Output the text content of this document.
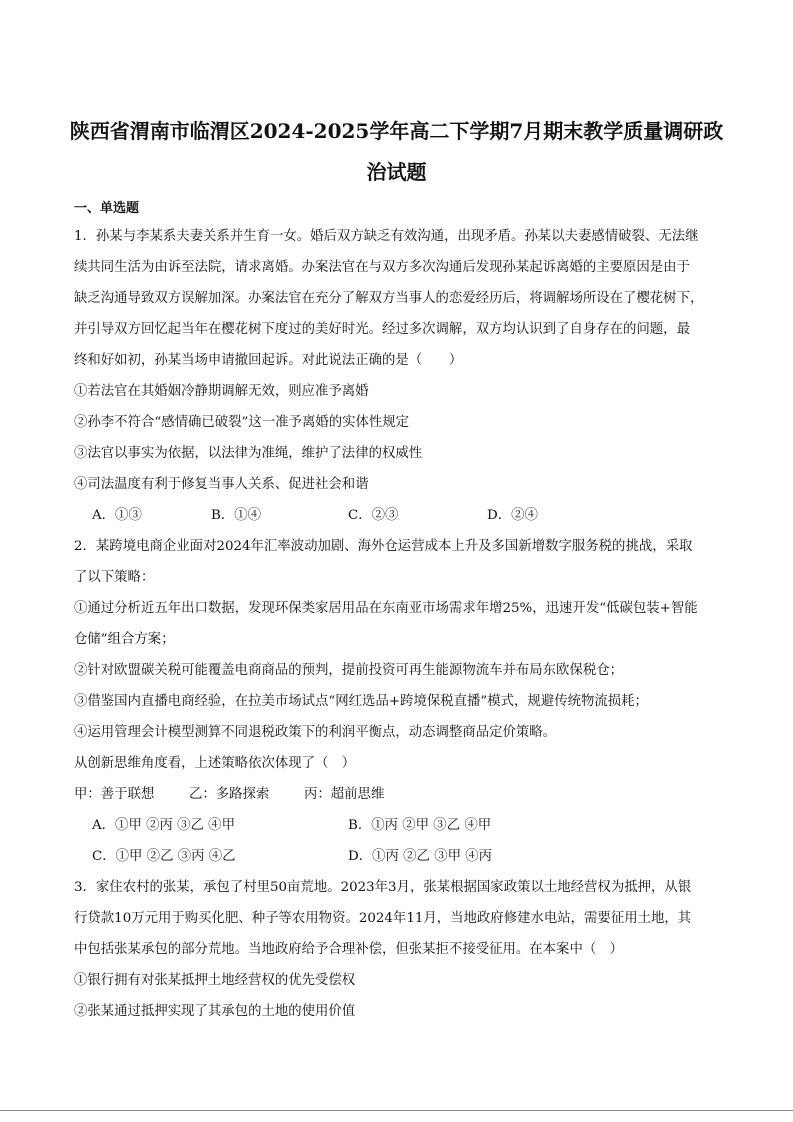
陕西省渭南市临渭区2024-2025学年高二下学期7月期末教学质量调研政
治试题
一、单选题
1．孙某与李某系夫妻关系并生育一女。婚后双方缺乏有效沟通，出现矛盾。孙某以夫妻感情破裂、无法继
续共同生活为由诉至法院，请求离婚。办案法官在与双方多次沟通后发现孙某起诉离婚的主要原因是由于
缺乏沟通导致双方误解加深。办案法官在充分了解双方当事人的恋爱经历后，将调解场所设在了樱花树下，
并引导双方回忆起当年在樱花树下度过的美好时光。经过多次调解，双方均认识到了自身存在的问题，最
终和好如初，孙某当场申请撤回起诉。对此说法正确的是（　　）
①若法官在其婚姻冷静期调解无效，则应准予离婚
②孙李不符合“感情确已破裂”这一准予离婚的实体性规定
③法官以事实为依据，以法律为准绳，维护了法律的权威性
④司法温度有利于修复当事人关系、促进社会和谐
A．①③	B．①④	C．②③	D．②④
2．某跨境电商企业面对2024年汇率波动加剧、海外仓运营成本上升及多国新增数字服务税的挑战，采取
了以下策略：
①通过分析近五年出口数据，发现环保类家居用品在东南亚市场需求年增25%，迅速开发“低碳包装+智能
仓储”组合方案；
②针对欧盟碳关税可能覆盖电商商品的预判，提前投资可再生能源物流车并布局东欧保税仓；
③借鉴国内直播电商经验，在拉美市场试点“网红选品+跨境保税直播”模式，规避传统物流损耗；
④运用管理会计模型测算不同退税政策下的利润平衡点，动态调整商品定价策略。
从创新思维角度看，上述策略依次体现了（　）
甲：善于联想	乙：多路探索	丙：超前思维
A．①甲 ②丙 ③乙 ④甲	B．①丙 ②甲 ③乙 ④甲
C．①甲 ②乙 ③丙 ④乙	D．①丙 ②乙 ③甲 ④丙
3．家住农村的张某，承包了村里50亩荒地。2023年3月，张某根据国家政策以土地经营权为抵押，从银
行贷款10万元用于购买化肥、种子等农用物资。2024年11月，当地政府修建水电站，需要征用土地，其
中包括张某承包的部分荒地。当地政府给予合理补偿，但张某拒不接受征用。在本案中（　）
①银行拥有对张某抵押土地经营权的优先受偿权
②张某通过抵押实现了其承包的土地的使用价值
